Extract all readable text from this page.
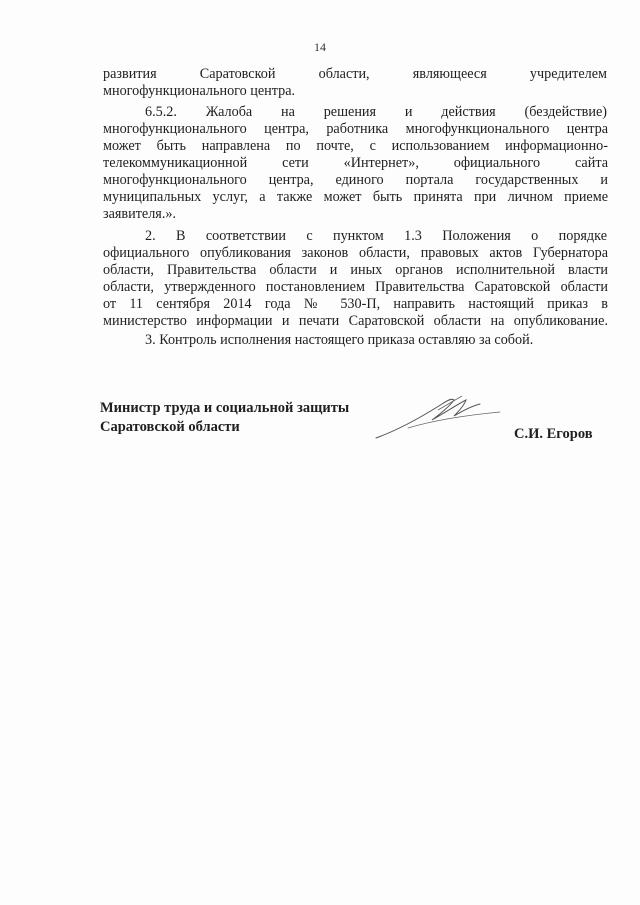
14
развития Саратовской области, являющееся учредителем
многофункционального центра.
6.5.2. Жалоба на решения и действия (бездействие)
многофункционального центра, работника многофункционального центра
может быть направлена по почте, с использованием информационно-
телекоммуникационной сети «Интернет», официального сайта
многофункционального центра, единого портала государственных и
муниципальных услуг, а также может быть принята при личном приеме
заявителя.».
2. В соответствии с пунктом 1.3 Положения о порядке
официального опубликования законов области, правовых актов Губернатора
области, Правительства области и иных органов исполнительной власти
области, утвержденного постановлением Правительства Саратовской области
от 11 сентября 2014 года № 530-П, направить настоящий приказ в
министерство информации и печати Саратовской области на опубликование.
3. Контроль исполнения настоящего приказа оставляю за собой.
Министр труда и социальной защиты
Саратовской области	С.И. Егоров
